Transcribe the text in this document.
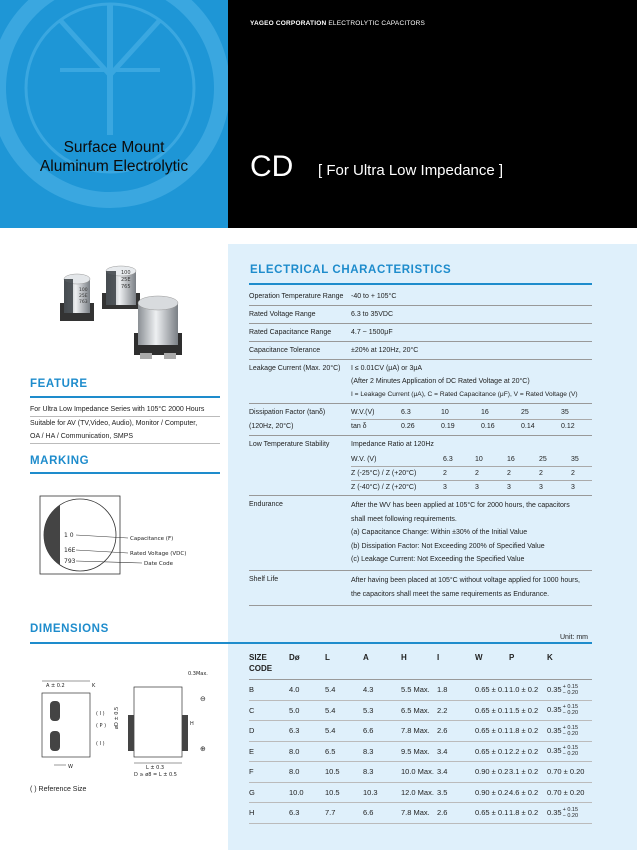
Surface Mount
Aluminum Electrolytic
YAGEO CORPORATION ELECTROLYTIC CAPACITORS
CD [ For Ultra Low Impedance ]
100
25E
763
100
25E
765
FEATURE
For Ultra Low Impedance Series with 105°C 2000 Hours
Suitable for AV (TV,Video, Audio), Monitor / Computer,
OA / HA / Communication, SMPS
MARKING
1 0
16E
793
Capacitance (F)
Rated Voltage (VDC)
Date Code
ELECTRICAL CHARACTERISTICS
Operation Temperature Range	-40 to + 105°C
Rated Voltage Range	6.3 to 35VDC
Rated Capacitance Range	4.7 ~ 1500μF
Capacitance Tolerance	±20% at 120Hz, 20°C
Leakage Current (Max. 20°C)	I ≤ 0.01CV (μA) or 3μA
(After 2 Minutes Application of DC Rated Voltage at 20°C)
I = Leakage Current (μA), C = Rated Capacitance (μF), V = Rated Voltage (V)
Dissipation Factor (tanδ)
(120Hz, 20°C)
W.V.(V)	6.3	10	16	25	35
tan δ	0.26	0.19	0.16	0.14	0.12
Low Temperature Stability	Impedance Ratio at 120Hz
W.V. (V)	6.3	10	16	25	35
Z (-25°C) / Z (+20°C)	2	2	2	2	2
Z (-40°C) / Z (+20°C)	3	3	3	3	3
Endurance	After the WV has been applied at 105°C for 2000 hours, the capacitors
shall meet following requirements.
(a) Capacitance Change: Within ±30% of the Initial Value
(b) Dissipation Factor: Not Exceeding 200% of Specified Value
(c) Leakage Current: Not Exceeding the Specified Value
Shelf Life	After having been placed at 105°C without voltage applied for 1000 hours,
the capacitors shall meet the same requirements as Endurance.
DIMENSIONS
Unit: mm
A ± 0.2	K
( I )
( P )
( I )
W
øD ± 0.5
0.3Max.
H
⊖
⊕
L ± 0.3
D ≥ ø8 = L ± 0.5
( ) Reference Size
SIZE CODE
Dø	L	A	H	I	W	P	K
B	4.0	5.4	4.3	5.5 Max. 1.8	0.65 ± 0.1 1.0 ± 0.2	0.35 + 0.15
− 0.20
C	5.0	5.4	5.3	6.5 Max. 2.2	0.65 ± 0.1 1.5 ± 0.2	0.35 + 0.15
− 0.20
D	6.3	5.4	6.6	7.8 Max. 2.6	0.65 ± 0.1 1.8 ± 0.2	0.35 + 0.15
− 0.20
E	8.0	6.5	8.3	9.5 Max. 3.4	0.65 ± 0.1 2.2 ± 0.2	0.35 + 0.15
− 0.20
F	8.0	10.5	8.3	10.0 Max. 3.4	0.90 ± 0.2 3.1 ± 0.2	0.70 ± 0.20
G	10.0	10.5	10.3	12.0 Max. 3.5	0.90 ± 0.2 4.6 ± 0.2	0.70 ± 0.20
H	6.3	7.7	6.6	7.8 Max. 2.6	0.65 ± 0.1 1.8 ± 0.2	0.35 + 0.15
− 0.20
